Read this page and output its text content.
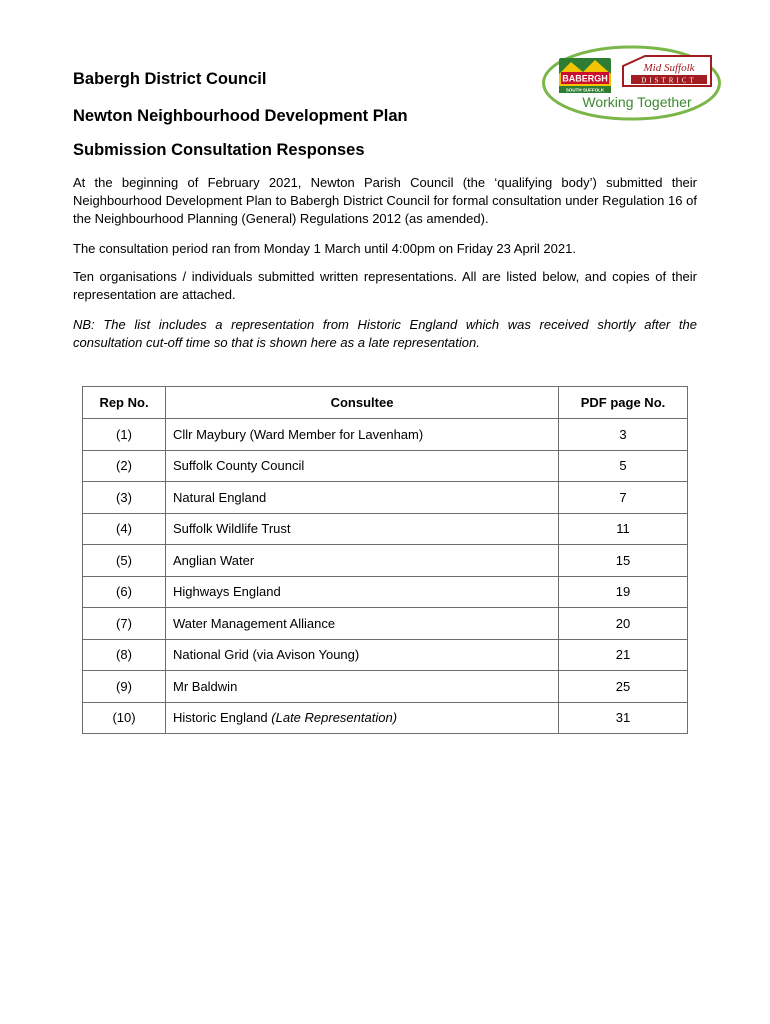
BABERGH
SOUTH SUFFOLK
Mid Suffolk
DISTRICT
Working Together
Babergh District Council
Newton Neighbourhood Development Plan
Submission Consultation Responses
At the beginning of February 2021, Newton Parish Council (the ‘qualifying body’) submitted their Neighbourhood Development Plan to Babergh District Council for formal consultation under Regulation 16 of the Neighbourhood Planning (General) Regulations 2012 (as amended).
The consultation period ran from Monday 1 March until 4:00pm on Friday 23 April 2021.
Ten organisations / individuals submitted written representations. All are listed below, and copies of their representation are attached.
NB: The list includes a representation from Historic England which was received shortly after the consultation cut-off time so that is shown here as a late representation.
Rep No.	Consultee	PDF page No.
(1)	Cllr Maybury (Ward Member for Lavenham)	3
(2)	Suffolk County Council	5
(3)	Natural England	7
(4)	Suffolk Wildlife Trust	11
(5)	Anglian Water	15
(6)	Highways England	19
(7)	Water Management Alliance	20
(8)	National Grid (via Avison Young)	21
(9)	Mr Baldwin	25
(10)	Historic England (Late Representation)	31
